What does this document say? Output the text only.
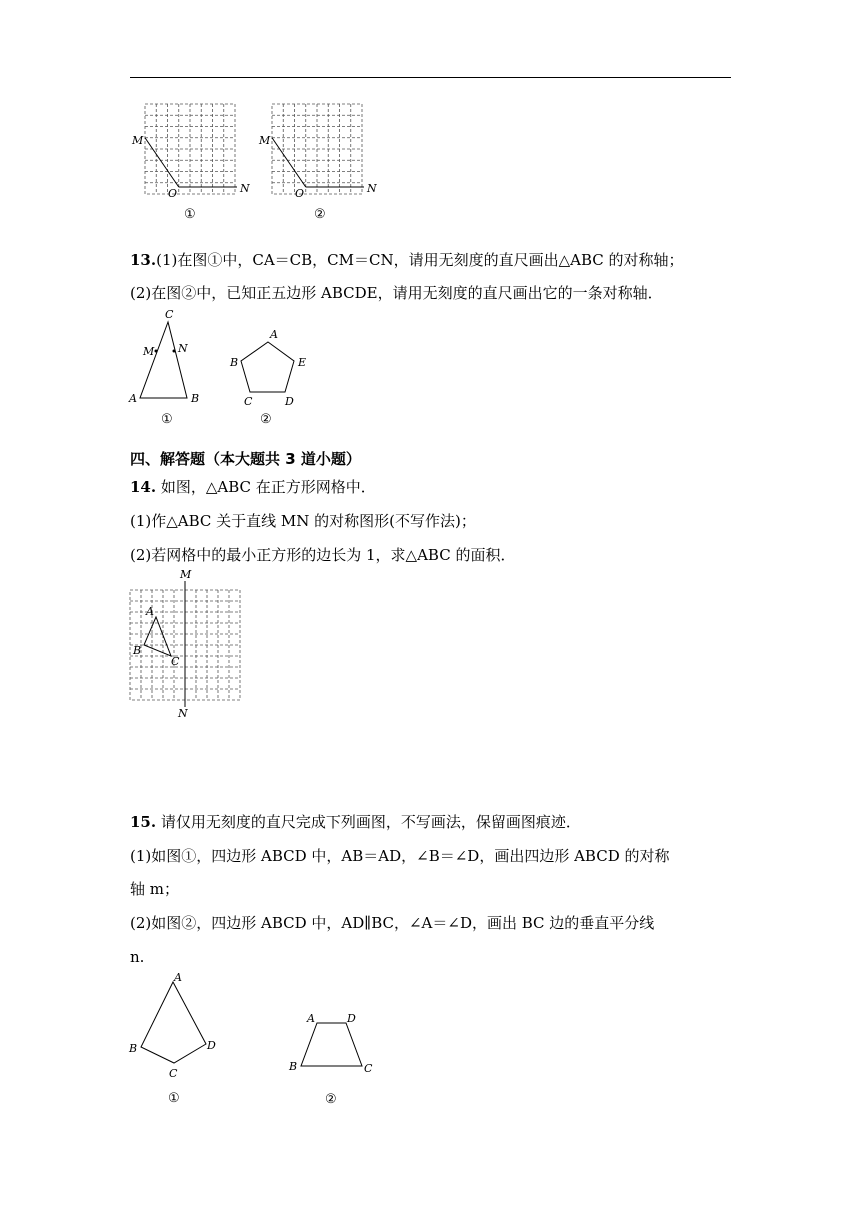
M
O	N
①
M
O	N
②
13.(1)在图①中，CA＝CB，CM＝CN，请用无刻度的直尺画出△ABC 的对称轴；
(2)在图②中，已知正五边形 ABCDE，请用无刻度的直尺画出它的一条对称轴．
C
M N
A	B
①
A
B	E
C	D
②
四、解答题（本大题共 3 道小题）
14. 如图，△ABC 在正方形网格中．
(1)作△ABC 关于直线 MN 的对称图形(不写作法)；
(2)若网格中的最小正方形的边长为 1，求△ABC 的面积．
M
N
A
B
C
15. 请仅用无刻度的直尺完成下列画图，不写画法，保留画图痕迹．
(1)如图①，四边形 ABCD 中，AB＝AD，∠B＝∠D，画出四边形 ABCD 的对称
轴 m；
(2)如图②，四边形 ABCD 中，AD∥BC，∠A＝∠D，画出 BC 边的垂直平分线
n.
A
B
C
D
①
A	D
B	C
②
